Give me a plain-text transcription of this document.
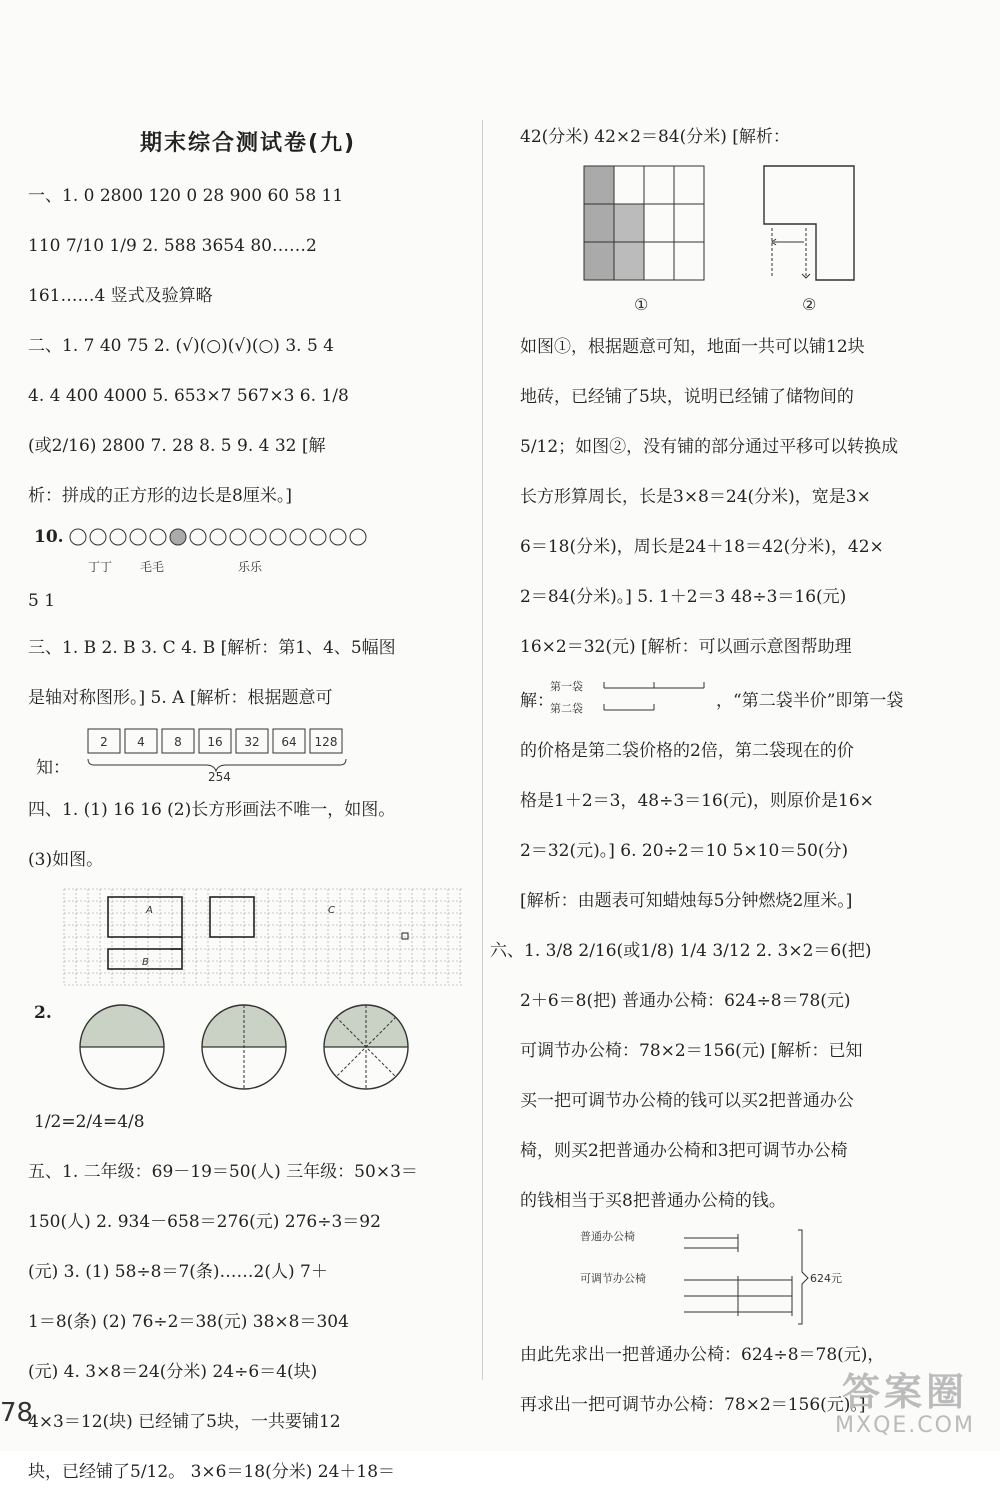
期末综合测试卷(九)
一、1. 0 2800 120 0 28 900 60 58 11
110 7/10 1/9 2. 588 3654 80……2
161……4 竖式及验算略
二、1. 7 40 75 2. (√)(○)(√)(○) 3. 5 4
4. 4 400 4000 5. 653×7 567×3 6. 1/8
(或2/16) 2800 7. 28 8. 5 9. 4 32 [解
析：拼成的正方形的边长是8厘米。]
10.
丁丁 毛毛	乐乐
5 1
三、1. B 2. B 3. C 4. B [解析：第1、4、5幅图
是轴对称图形。] 5. A [解析：根据题意可
知：
2 4 8 16 32 64 128
254
四、1. (1) 16 16 (2)长方形画法不唯一，如图。
(3)如图。
A
B
C
2.
1/2=2/4=4/8
五、1. 二年级：69－19＝50(人) 三年级：50×3＝
150(人) 2. 934－658＝276(元) 276÷3＝92
(元) 3. (1) 58÷8＝7(条)……2(人) 7＋
1＝8(条) (2) 76÷2＝38(元) 38×8＝304
(元) 4. 3×8＝24(分米) 24÷6＝4(块)
4×3＝12(块) 已经铺了5块，一共要铺12
块，已经铺了5/12。 3×6＝18(分米) 24＋18＝
42(分米) 42×2＝84(分米) [解析：
①	②
如图①，根据题意可知，地面一共可以铺12块
地砖，已经铺了5块，说明已经铺了储物间的
5/12；如图②，没有铺的部分通过平移可以转换成
长方形算周长，长是3×8＝24(分米)，宽是3×
6＝18(分米)，周长是24＋18＝42(分米)，42×
2＝84(分米)。] 5. 1＋2＝3 48÷3＝16(元)
16×2＝32(元) [解析：可以画示意图帮助理
解：
第一袋
第二袋	，“第二袋半价”即第一袋
的价格是第二袋价格的2倍，第二袋现在的价
格是1＋2＝3，48÷3＝16(元)，则原价是16×
2＝32(元)。] 6. 20÷2＝10 5×10＝50(分)
[解析：由题表可知蜡烛每5分钟燃烧2厘米。]
六、1. 3/8 2/16(或1/8) 1/4 3/12 2. 3×2＝6(把)
2＋6＝8(把) 普通办公椅：624÷8＝78(元)
可调节办公椅：78×2＝156(元) [解析：已知
买一把可调节办公椅的钱可以买2把普通办公
椅，则买2把普通办公椅和3把可调节办公椅
的钱相当于买8把普通办公椅的钱。
普通办公椅
可调节办公椅	624元
由此先求出一把普通办公椅：624÷8＝78(元)，
再求出一把可调节办公椅：78×2＝156(元)。]
78	答案圈
MXQE.COM
